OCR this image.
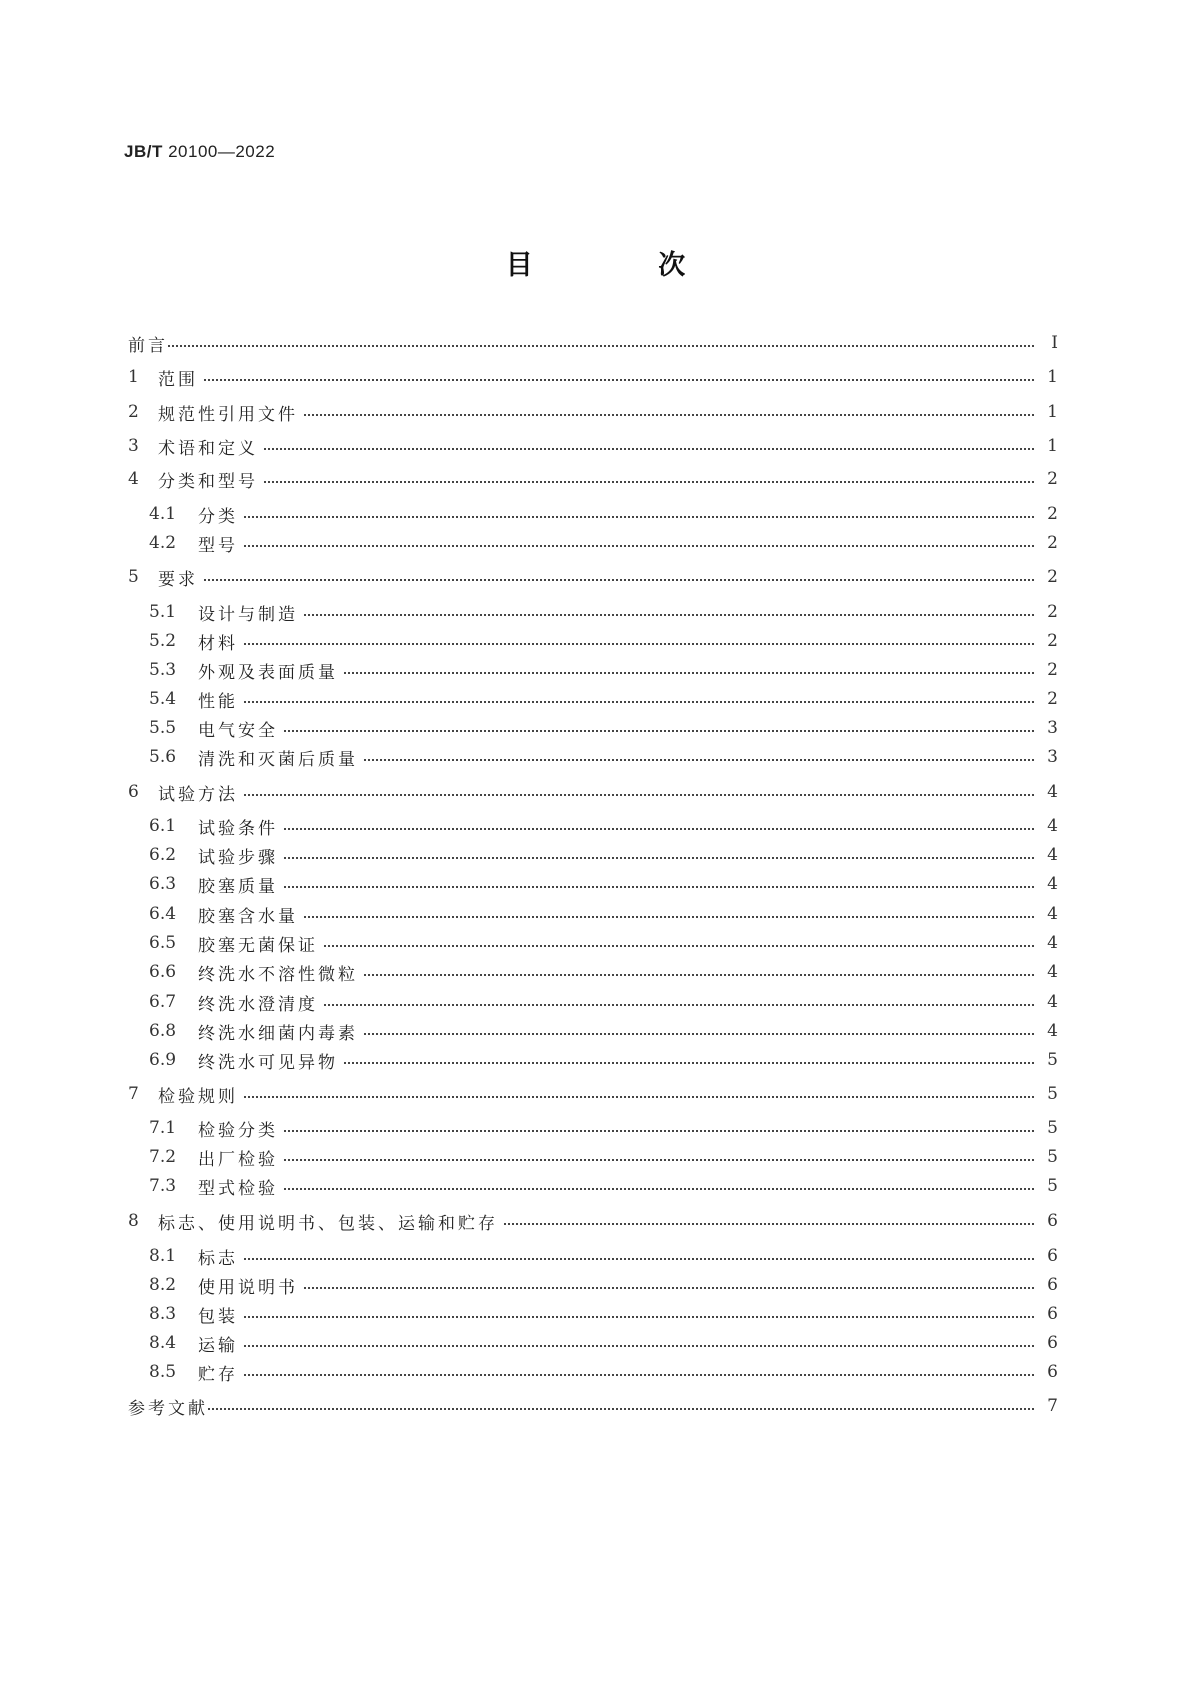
JB/T 20100—2022
目 次
前言	Ⅰ
1	范围	1
2	规范性引用文件	1
3	术语和定义	1
4	分类和型号	2
4.1	分类	2
4.2	型号	2
5	要求	2
5.1	设计与制造	2
5.2	材料	2
5.3	外观及表面质量	2
5.4	性能	2
5.5	电气安全	3
5.6	清洗和灭菌后质量	3
6	试验方法	4
6.1	试验条件	4
6.2	试验步骤	4
6.3	胶塞质量	4
6.4	胶塞含水量	4
6.5	胶塞无菌保证	4
6.6	终洗水不溶性微粒	4
6.7	终洗水澄清度	4
6.8	终洗水细菌内毒素	4
6.9	终洗水可见异物	5
7	检验规则	5
7.1	检验分类	5
7.2	出厂检验	5
7.3	型式检验	5
8	标志、使用说明书、包装、运输和贮存	6
8.1	标志	6
8.2	使用说明书	6
8.3	包装	6
8.4	运输	6
8.5	贮存	6
参考文献	7
